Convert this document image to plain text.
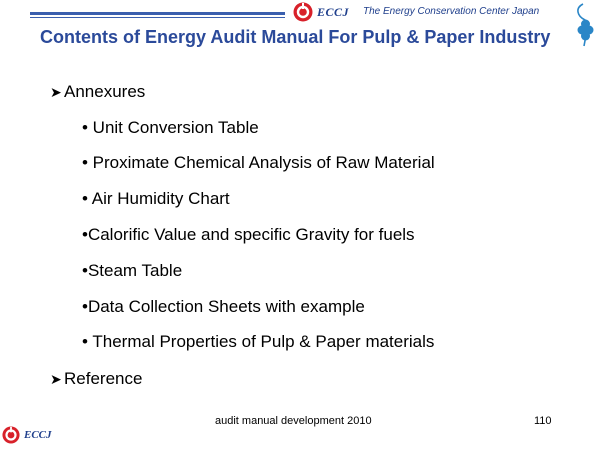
ECCJ The Energy Conservation Center Japan
Contents of Energy Audit Manual For Pulp & Paper Industry
➤ Annexures
• Unit Conversion Table
• Proximate Chemical Analysis of Raw Material
• Air Humidity Chart
•Calorific Value and specific Gravity for fuels
•Steam Table
•Data Collection Sheets with example
• Thermal Properties of Pulp & Paper materials
➤ Reference
audit manual development 2010	110
ECCJ
